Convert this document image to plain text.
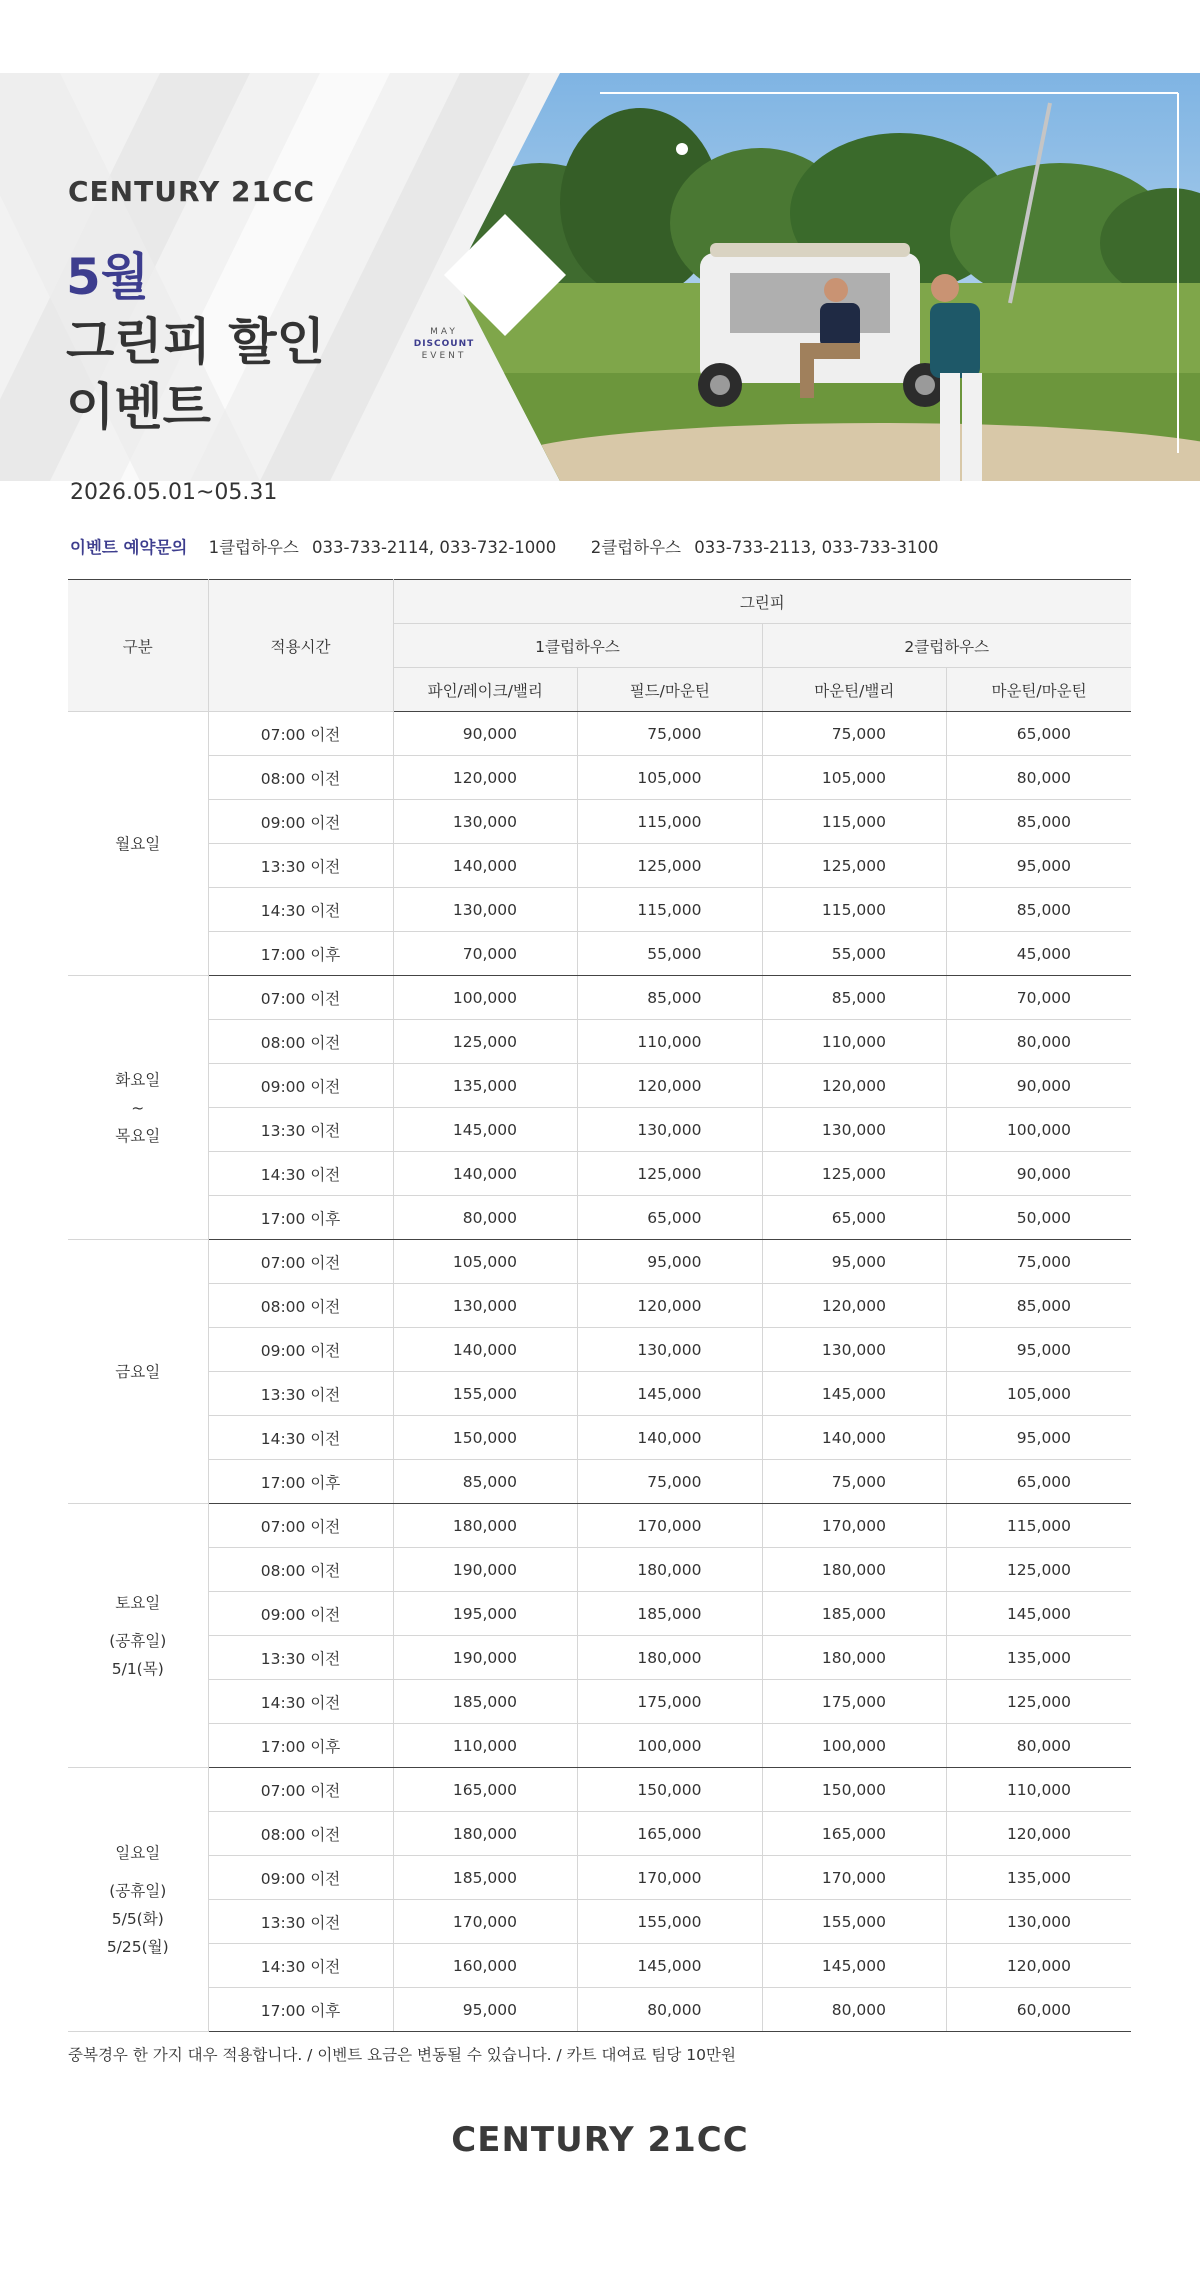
CENTURY 21CC
5월
그린피 할인
이벤트
2026.05.01~05.31
MAY
DISCOUNT
EVENT
이벤트 예약문의 1클럽하우스 033-733-2114, 033-732-1000 2클럽하우스 033-733-2113, 033-733-3100
구분	적용시간	그린피			
		1클럽하우스		2클럽하우스	
		파인/레이크/밸리	필드/마운틴	마운틴/밸리	마운틴/마운틴

월요일	07:00 이전	90,000	75,000	75,000	65,000
	08:00 이전	120,000	105,000	105,000	80,000
	09:00 이전	130,000	115,000	115,000	85,000
	13:30 이전	140,000	125,000	125,000	95,000
	14:30 이전	130,000	115,000	115,000	85,000
	17:00 이후	70,000	55,000	55,000	45,000

화요일
~
목요일	07:00 이전	100,000	85,000	85,000	70,000
	08:00 이전	125,000	110,000	110,000	80,000
	09:00 이전	135,000	120,000	120,000	90,000
	13:30 이전	145,000	130,000	130,000	100,000
	14:30 이전	140,000	125,000	125,000	90,000
	17:00 이후	80,000	65,000	65,000	50,000

금요일	07:00 이전	105,000	95,000	95,000	75,000
	08:00 이전	130,000	120,000	120,000	85,000
	09:00 이전	140,000	130,000	130,000	95,000
	13:30 이전	155,000	145,000	145,000	105,000
	14:30 이전	150,000	140,000	140,000	95,000
	17:00 이후	85,000	75,000	75,000	65,000

토요일
(공휴일)
5/1(목)	07:00 이전	180,000	170,000	170,000	115,000
	08:00 이전	190,000	180,000	180,000	125,000
	09:00 이전	195,000	185,000	185,000	145,000
	13:30 이전	190,000	180,000	180,000	135,000
	14:30 이전	185,000	175,000	175,000	125,000
	17:00 이후	110,000	100,000	100,000	80,000

일요일
(공휴일)
5/5(화)
5/25(월)	07:00 이전	165,000	150,000	150,000	110,000
	08:00 이전	180,000	165,000	165,000	120,000
	09:00 이전	185,000	170,000	170,000	135,000
	13:30 이전	170,000	155,000	155,000	130,000
	14:30 이전	160,000	145,000	145,000	120,000
	17:00 이후	95,000	80,000	80,000	60,000
중복경우 한 가지 대우 적용합니다. / 이벤트 요금은 변동될 수 있습니다. / 카트 대여료 팀당 10만원
CENTURY 21CC
